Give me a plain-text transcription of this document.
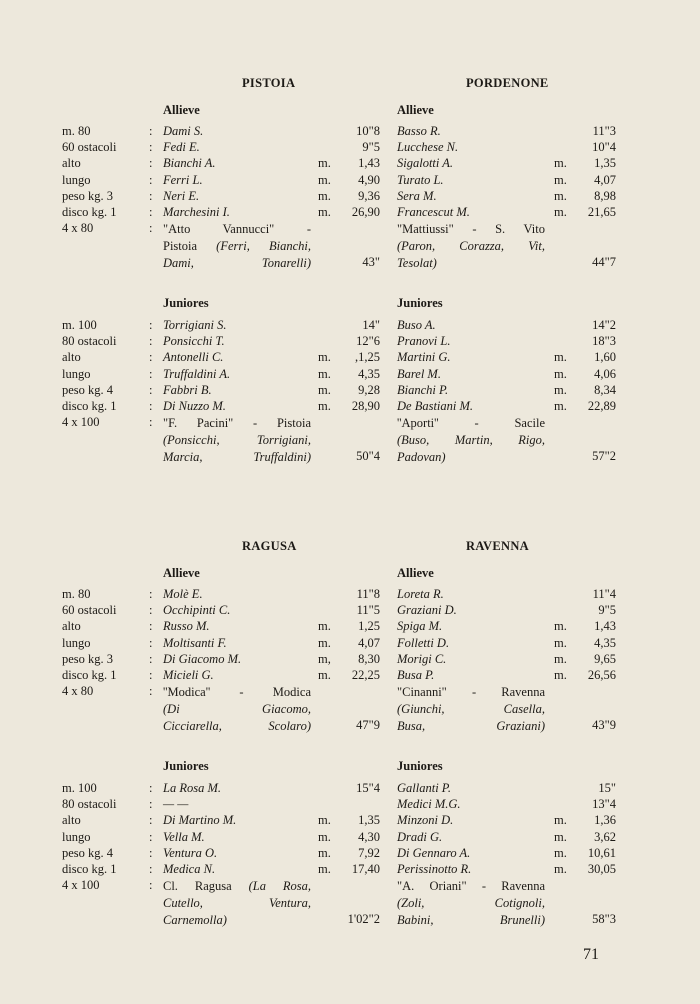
PISTOIA
Allieve
m. 80	: Dami S.	10"8
60 ostacoli	: Fedi E.	9"5
alto	: Bianchi A.	m.	1,43
lungo	: Ferri L.	m.	4,90
peso kg. 3	: Neri E.	m.	9,36
disco kg. 1	: Marchesini I.	m.	26,90
4 x 80	: "Atto Vannucci" -
Pistoia (Ferri, Bianchi,
Dami, Tonarelli)	43"
Juniores
m. 100	: Torrigiani S.	14"
80 ostacoli	: Ponsicchi T.	12"6
alto	: Antonelli C.	m.	,1,25
lungo	: Truffaldini A.	m.	4,35
peso kg. 4	: Fabbri B.	m.	9,28
disco kg. 1	: Di Nuzzo M.	m.	28,90
4 x 100	: "F. Pacini" - Pistoia
(Ponsicchi, Torrigiani,
Marcia, Truffaldini)	50"4
PORDENONE
Allieve
Basso R.	11"3
Lucchese N.	10"4
Sigalotti A.	m.	1,35
Turato L.	m.	4,07
Sera M.	m.	8,98
Francescut M.	m.	21,65
"Mattiussi" - S. Vito
(Paron, Corazza, Vit,
Tesolat)	44"7
Juniores
Buso A.	14"2
Pranovi L.	18"3
Martini G.	m.	1,60
Barel M.	m.	4,06
Bianchi P.	m.	8,34
De Bastiani M.	m.	22,89
''Aporti'' - Sacile
(Buso, Martin, Rigo,
Padovan)	57"2
RAGUSA
Allieve
m. 80	: Molè E.	11"8
60 ostacoli	: Occhipinti C.	11"5
alto	: Russo M.	m.	1,25
lungo	: Moltisanti F.	m.	4,07
peso kg. 3	: Di Giacomo M.	m,	8,30
disco kg. 1	: Micieli G.	m.	22,25
4 x 80	: ''Modica'' - Modica
(Di Giacomo,
Cicciarella, Scolaro)	47"9
Juniores
m. 100	: La Rosa M.	15"4
80 ostacoli	: — —
alto	: Di Martino M.	m.	1,35
lungo	: Vella M.	m.	4,30
peso kg. 4	: Ventura O.	m.	7,92
disco kg. 1	: Medica N.	m.	17,40
4 x 100	: Cl. Ragusa (La Rosa,
Cutello, Ventura,
Carnemolla)	1'02"2
RAVENNA
Allieve
Loreta R.	11"4
Graziani D.	9"5
Spiga M.	m.	1,43
Folletti D.	m.	4,35
Morigi C.	m.	9,65
Busa P.	m.	26,56
"Cinanni" - Ravenna
(Giunchi, Casella,
Busa, Graziani)	43"9
Juniores
Gallanti P.	15"
Medici M.G.	13"4
Minzoni D.	m.	1,36
Dradi G.	m.	3,62
Di Gennaro A.	m.	10,61
Perissinotto R.	m.	30,05
"A. Oriani" - Ravenna
(Zoli, Cotignoli,
Babini, Brunelli)	58"3
71
